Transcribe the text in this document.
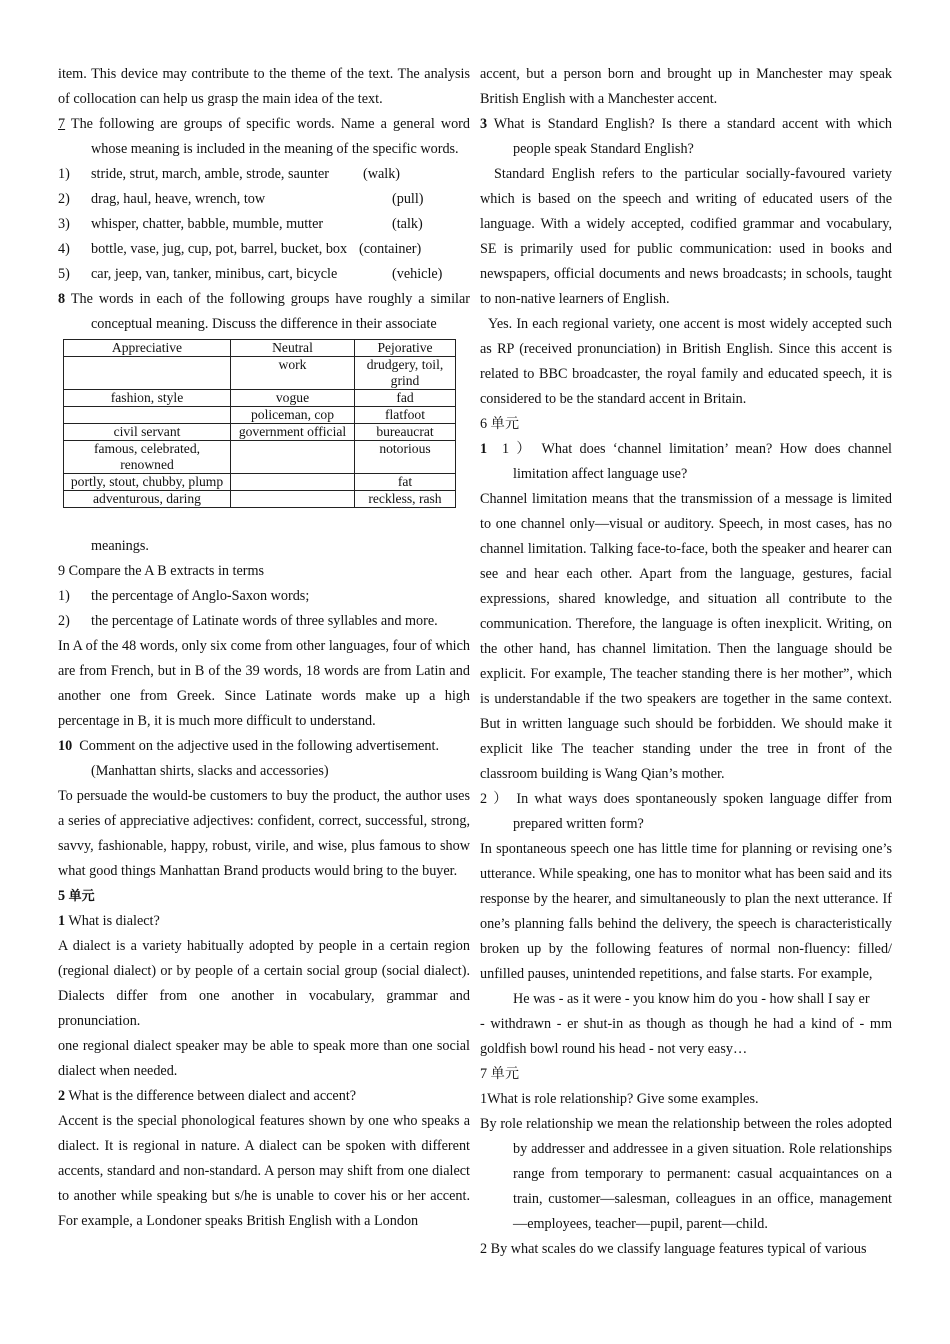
item. This device may contribute to the theme of the text. The analysis of collocation can help us grasp the main idea of the text.

7 The following are groups of specific words. Name a general word whose meaning is included in the meaning of the specific words.

1)	stride, strut, march, amble, strode, saunter	(walk)
2)	drag, haul, heave, wrench, tow	(pull)
3)	whisper, chatter, babble, mumble, mutter	(talk)
4)	bottle, vase, jug, cup, pot, barrel, bucket, box (container)
5)	car, jeep, van, tanker, minibus, cart, bicycle	(vehicle)

8 The words in each of the following groups have roughly a similar conceptual meaning. Discuss the difference in their associate

Appreciative	Neutral	Pejorative
	work	drudgery, toil, grind
fashion, style	vogue	fad
	policeman, cop	flatfoot
civil servant	government official	bureaucrat
famous, celebrated, renowned		notorious
portly, stout, chubby, plump		fat
adventurous, daring		reckless, rash

meanings.

9 Compare the A B extracts in terms

1)	the percentage of Anglo-Saxon words;
2)	the percentage of Latinate words of three syllables and more.

In A of the 48 words, only six come from other languages, four of which are from French, but in B of the 39 words, 18 words are from Latin and another one from Greek. Since Latinate words make up a high percentage in B, it is much more difficult to understand.

10 Comment on the adjective used in the following advertisement.

(Manhattan shirts, slacks and accessories)

To persuade the would-be customers to buy the product, the author uses a series of appreciative adjectives: confident, correct, successful, strong, savvy, fashionable, happy, robust, virile, and wise, plus famous to show what good things Manhattan Brand products would bring to the buyer.

5 单元

1 What is dialect?

A dialect is a variety habitually adopted by people in a certain region (regional dialect) or by people of a certain social group (social dialect). Dialects differ from one another in vocabulary, grammar and pronunciation.

one regional dialect speaker may be able to speak more than one social dialect when needed.

2 What is the difference between dialect and accent?

Accent is the special phonological features shown by one who speaks a dialect. It is regional in nature. A dialect can be spoken with different accents, standard and non-standard. A person may shift from one dialect to another while speaking but s/he is unable to cover his or her accent. For example, a Londoner speaks British English with a London

accent, but a person born and brought up in Manchester may speak British English with a Manchester accent.

3 What is Standard English? Is there a standard accent with which people speak Standard English?

Standard English refers to the particular socially-favoured variety which is based on the speech and writing of educated users of the language. With a widely accepted, codified grammar and vocabulary, SE is primarily used for public communication: used in books and newspapers, official documents and news broadcasts; in schools, taught to non-native learners of English.

Yes. In each regional variety, one accent is most widely accepted such as RP (received pronunciation) in British English. Since this accent is related to BBC broadcaster, the royal family and educated speech, it is considered to be the standard accent in Britain.

6 单元

1 1 ） What does ‘channel limitation’ mean? How does channel limitation affect language use?

Channel limitation means that the transmission of a message is limited to one channel only—visual or auditory. Speech, in most cases, has no channel limitation. Talking face-to-face, both the speaker and hearer can see and hear each other. Apart from the language, gestures, facial expressions, shared knowledge, and situation all contribute to the communication. Therefore, the language is often inexplicit. Writing, on the other hand, has channel limitation. Then the language should be explicit. For example, The teacher standing there is her mother”, which is understandable if the two speakers are together in the same context. But in written language such should be forbidden. We should make it explicit like The teacher standing under the tree in front of the classroom building is Wang Qian’s mother.

2 ） In what ways does spontaneously spoken language differ from prepared written form?

In spontaneous speech one has little time for planning or revising one’s utterance. While speaking, one has to monitor what has been said and its response by the hearer, and simultaneously to plan the next utterance. If one’s planning falls behind the delivery, the speech is characteristically broken up by the following features of normal non-fluency: filled/ unfilled pauses, unintended repetitions, and false starts. For example,

He was - as it were - you know him do you - how shall I say er

- withdrawn - er shut-in as though as though he had a kind of - mm goldfish bowl round his head - not very easy…

7 单元

1What is role relationship? Give some examples.

By role relationship we mean the relationship between the roles adopted by addresser and addressee in a given situation. Role relationships range from temporary to permanent: casual acquaintances on a train, customer—salesman, colleagues in an office, management—employees, teacher—pupil, parent—child.

2 By what scales do we classify language features typical of various
